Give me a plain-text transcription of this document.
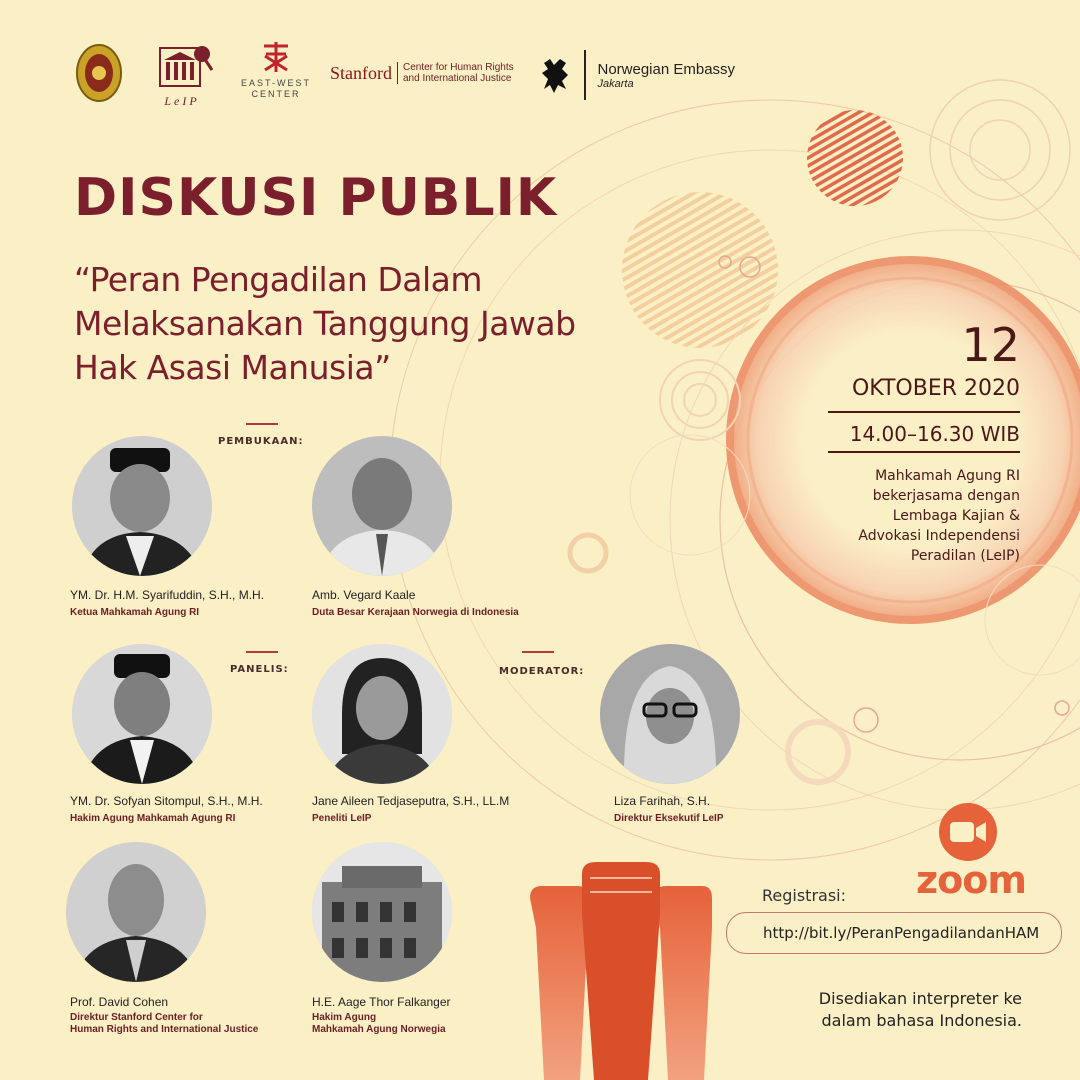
LeIP
EAST-WEST
CENTER
Stanford Center for Human Rights
and International Justice
Norwegian Embassy
Jakarta
DISKUSI PUBLIK
“Peran Pengadilan Dalam
Melaksanakan Tanggung Jawab
Hak Asasi Manusia”	12
OKTOBER 2020
14.00–16.30 WIB
Mahkamah Agung RI
bekerjasama dengan
Lembaga Kajian &
Advokasi Independensi
Peradilan (LeIP)
PEMBUKAAN:
PANELIS:	MODERATOR:
YM. Dr. H.M. Syarifuddin, S.H., M.H.
Ketua Mahkamah Agung RI
Amb. Vegard Kaale
Duta Besar Kerajaan Norwegia di Indonesia
YM. Dr. Sofyan Sitompul, S.H., M.H.
Hakim Agung Mahkamah Agung RI
Jane Aileen Tedjaseputra, S.H., LL.M
Peneliti LeIP
Liza Farihah, S.H.
Direktur Eksekutif LeIP
Prof. David Cohen
Direktur Stanford Center for
Human Rights and International Justice
H.E. Aage Thor Falkanger
Hakim Agung
Mahkamah Agung Norwegia
zoom
Registrasi:
http://bit.ly/PeranPengadilandanHAM
Disediakan interpreter ke
dalam bahasa Indonesia.
